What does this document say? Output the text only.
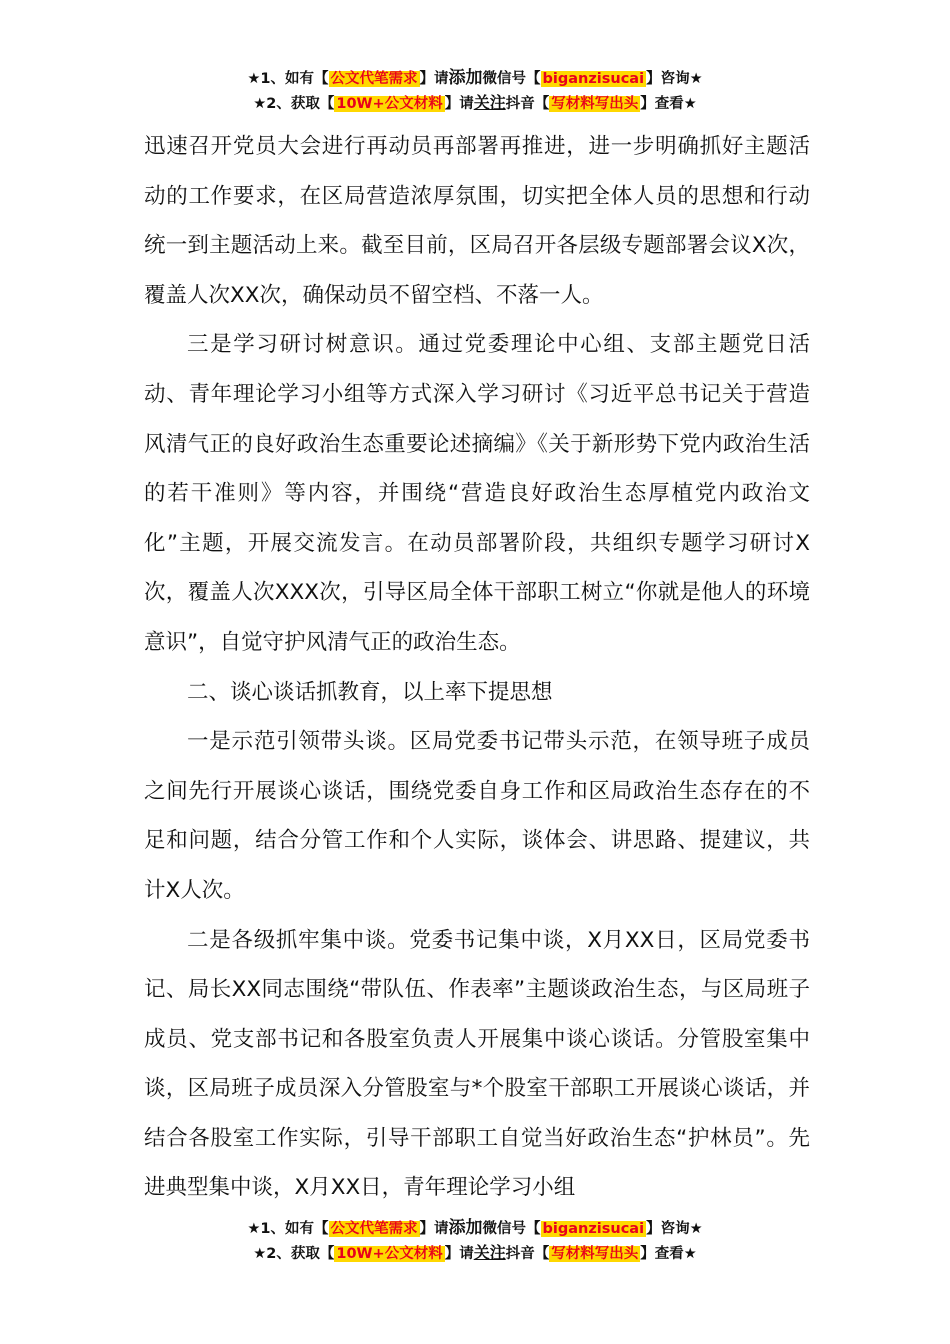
★1、如有【 公文代笔需求 】请添加微信号【 biganzisucai 】咨询★
★2、获取【 10W+公文材料 】请关注抖音【 写材料写出头 】查看★

迅速召开党员大会进行再动员再部署再推进，进一步明确抓好主题活动的工作要求，在区局营造浓厚氛围，切实把全体人员的思想和行动统一到主题活动上来。截至目前，区局召开各层级专题部署会议X次，覆盖人次XX次，确保动员不留空档、不落一人。

三是学习研讨树意识。通过党委理论中心组、支部主题党日活动、青年理论学习小组等方式深入学习研讨《习近平总书记关于营造风清气正的良好政治生态重要论述摘编》《关于新形势下党内政治生活的若干准则》等内容，并围绕“营造良好政治生态厚植党内政治文化”主题，开展交流发言。在动员部署阶段，共组织专题学习研讨X次，覆盖人次XXX次，引导区局全体干部职工树立“你就是他人的环境意识”，自觉守护风清气正的政治生态。

二、谈心谈话抓教育，以上率下提思想

一是示范引领带头谈。区局党委书记带头示范，在领导班子成员之间先行开展谈心谈话，围绕党委自身工作和区局政治生态存在的不足和问题，结合分管工作和个人实际，谈体会、讲思路、提建议，共计X人次。

二是各级抓牢集中谈。党委书记集中谈，X月XX日，区局党委书记、局长XX同志围绕“带队伍、作表率”主题谈政治生态，与区局班子成员、党支部书记和各股室负责人开展集中谈心谈话。分管股室集中谈，区局班子成员深入分管股室与*个股室干部职工开展谈心谈话，并结合各股室工作实际，引导干部职工自觉当好政治生态“护林员”。先进典型集中谈，X月XX日，青年理论学习小组

★1、如有【 公文代笔需求 】请添加微信号【 biganzisucai 】咨询★
★2、获取【 10W+公文材料 】请关注抖音【 写材料写出头 】查看★
